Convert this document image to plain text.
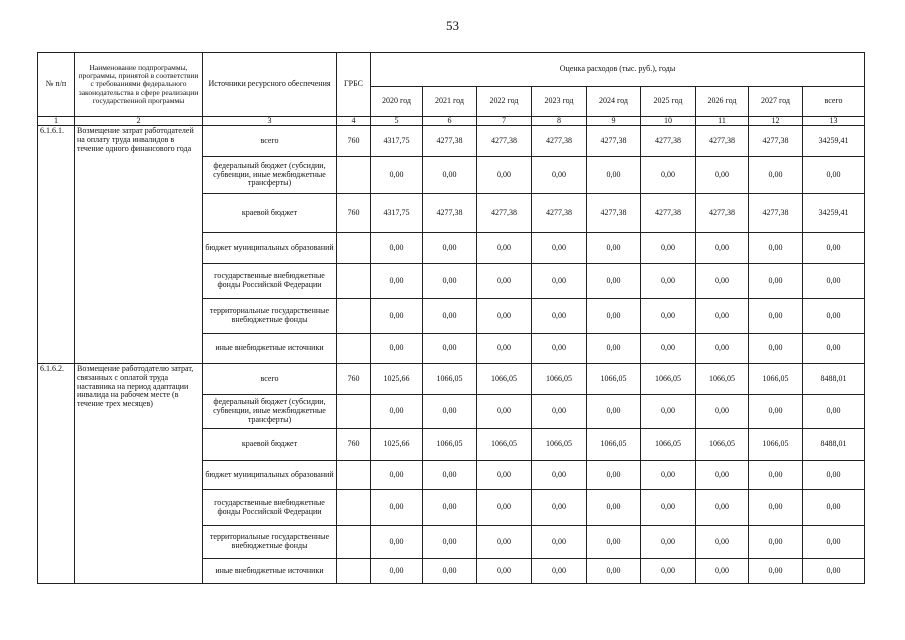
53
№ п/п	Наименование подпрограммы, программы, принятой в соответствии с требованиями федерального законодательства в сфере реализации государственной программы	Источники ресурсного обеспечения	ГРБС	Оценка расходов (тыс. руб.), годы								
				2020 год	2021 год	2022 год	2023 год	2024 год	2025 год	2026 год	2027 год	всего
1	2	3	4	5	6	7	8	9	10	11	12	13
6.1.6.1.	Возмещение затрат работодателей на оплату труда инвалидов в течение одного финансового года	всего	760	4317,75	4277,38	4277,38	4277,38	4277,38	4277,38	4277,38	4277,38	34259,41
		федеральный бюджет (субсидии, субвенции, иные межбюджетные трансферты)		0,00	0,00	0,00	0,00	0,00	0,00	0,00	0,00	0,00
		краевой бюджет	760	4317,75	4277,38	4277,38	4277,38	4277,38	4277,38	4277,38	4277,38	34259,41
		бюджет муниципальных образований		0,00	0,00	0,00	0,00	0,00	0,00	0,00	0,00	0,00
		государственные внебюджетные фонды Российской Федерации		0,00	0,00	0,00	0,00	0,00	0,00	0,00	0,00	0,00
		территориальные государственные внебюджетные фонды		0,00	0,00	0,00	0,00	0,00	0,00	0,00	0,00	0,00
		иные внебюджетные источники		0,00	0,00	0,00	0,00	0,00	0,00	0,00	0,00	0,00
6.1.6.2.	Возмещение работодателю затрат, связанных с оплатой труда наставника на период адаптации инвалида на рабочем месте (в течение трех месяцев)	всего	760	1025,66	1066,05	1066,05	1066,05	1066,05	1066,05	1066,05	1066,05	8488,01
		федеральный бюджет (субсидии, субвенции, иные межбюджетные трансферты)		0,00	0,00	0,00	0,00	0,00	0,00	0,00	0,00	0,00
		краевой бюджет	760	1025,66	1066,05	1066,05	1066,05	1066,05	1066,05	1066,05	1066,05	8488,01
		бюджет муниципальных образований		0,00	0,00	0,00	0,00	0,00	0,00	0,00	0,00	0,00
		государственные внебюджетные фонды Российской Федерации		0,00	0,00	0,00	0,00	0,00	0,00	0,00	0,00	0,00
		территориальные государственные внебюджетные фонды		0,00	0,00	0,00	0,00	0,00	0,00	0,00	0,00	0,00
		иные внебюджетные источники		0,00	0,00	0,00	0,00	0,00	0,00	0,00	0,00	0,00
